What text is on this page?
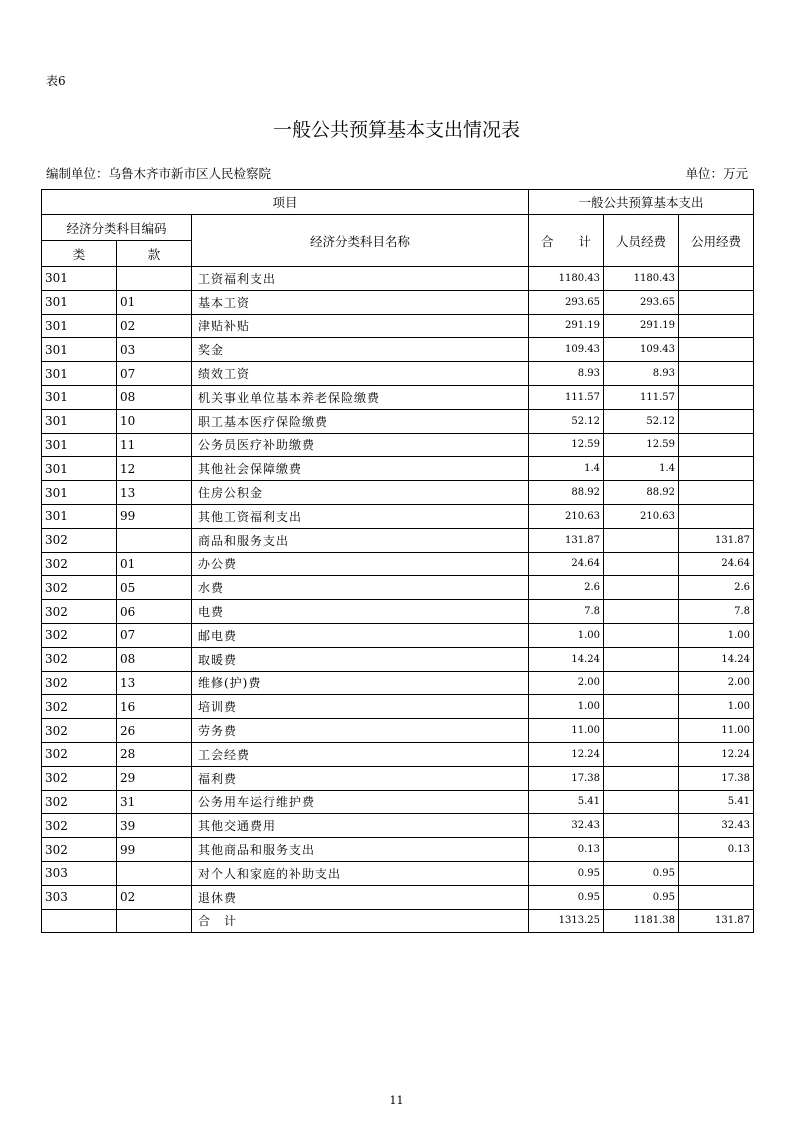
表6
一般公共预算基本支出情况表
编制单位：乌鲁木齐市新市区人民检察院	单位：万元
项目			一般公共预算基本支出		
经济分类科目编码		经济分类科目名称	合　　计	人员经费	公用经费
类	款				
301		工资福利支出	1180.43	1180.43	
301	01	基本工资	293.65	293.65	
301	02	津贴补贴	291.19	291.19	
301	03	奖金	109.43	109.43	
301	07	绩效工资	8.93	8.93	
301	08	机关事业单位基本养老保险缴费	111.57	111.57	
301	10	职工基本医疗保险缴费	52.12	52.12	
301	11	公务员医疗补助缴费	12.59	12.59	
301	12	其他社会保障缴费	1.4	1.4	
301	13	住房公积金	88.92	88.92	
301	99	其他工资福利支出	210.63	210.63	
302		商品和服务支出	131.87		131.87
302	01	办公费	24.64		24.64
302	05	水费	2.6		2.6
302	06	电费	7.8		7.8
302	07	邮电费	1.00		1.00
302	08	取暖费	14.24		14.24
302	13	维修(护)费	2.00		2.00
302	16	培训费	1.00		1.00
302	26	劳务费	11.00		11.00
302	28	工会经费	12.24		12.24
302	29	福利费	17.38		17.38
302	31	公务用车运行维护费	5.41		5.41
302	39	其他交通费用	32.43		32.43
302	99	其他商品和服务支出	0.13		0.13
303		对个人和家庭的补助支出	0.95	0.95	
303	02	退休费	0.95	0.95	
		合　计	1313.25	1181.38	131.87
11
